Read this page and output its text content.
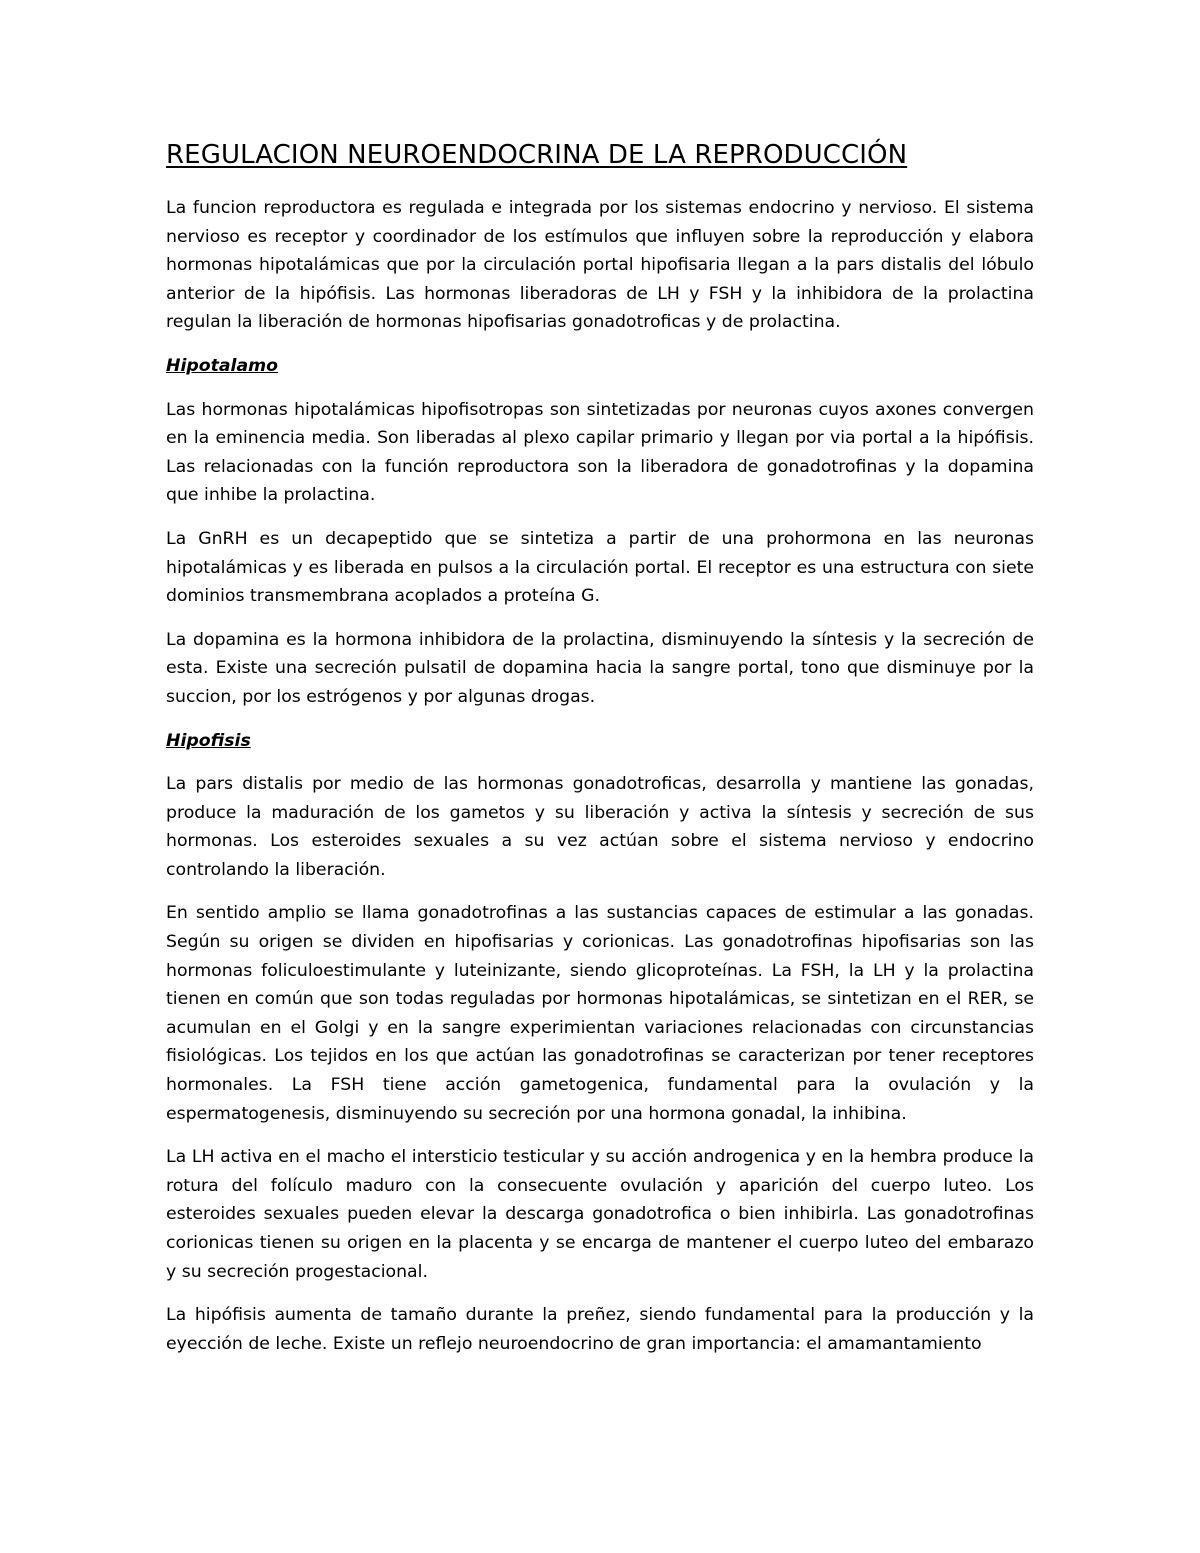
REGULACION NEUROENDOCRINA DE LA REPRODUCCIÓN

La funcion reproductora es regulada e integrada por los sistemas endocrino y nervioso. El sistema nervioso es receptor y coordinador de los estímulos que influyen sobre la reproducción y elabora hormonas hipotalámicas que por la circulación portal hipofisaria llegan a la pars distalis del lóbulo anterior de la hipófisis. Las hormonas liberadoras de LH y FSH y la inhibidora de la prolactina regulan la liberación de hormonas hipofisarias gonadotroficas y de prolactina.

Hipotalamo

Las hormonas hipotalámicas hipofisotropas son sintetizadas por neuronas cuyos axones convergen en la eminencia media. Son liberadas al plexo capilar primario y llegan por via portal a la hipófisis. Las relacionadas con la función reproductora son la liberadora de gonadotrofinas y la dopamina que inhibe la prolactina.

La GnRH es un decapeptido que se sintetiza a partir de una prohormona en las neuronas hipotalámicas y es liberada en pulsos a la circulación portal. El receptor es una estructura con siete dominios transmembrana acoplados a proteína G.

La dopamina es la hormona inhibidora de la prolactina, disminuyendo la síntesis y la secreción de esta. Existe una secreción pulsatil de dopamina hacia la sangre portal, tono que disminuye por la succion, por los estrógenos y por algunas drogas.

Hipofisis

La pars distalis por medio de las hormonas gonadotroficas, desarrolla y mantiene las gonadas, produce la maduración de los gametos y su liberación y activa la síntesis y secreción de sus hormonas. Los esteroides sexuales a su vez actúan sobre el sistema nervioso y endocrino controlando la liberación.

En sentido amplio se llama gonadotrofinas a las sustancias capaces de estimular a las gonadas. Según su origen se dividen en hipofisarias y corionicas. Las gonadotrofinas hipofisarias son las hormonas foliculoestimulante y luteinizante, siendo glicoproteínas. La FSH, la LH y la prolactina tienen en común que son todas reguladas por hormonas hipotalámicas, se sintetizan en el RER, se acumulan en el Golgi y en la sangre experimientan variaciones relacionadas con circunstancias fisiológicas. Los tejidos en los que actúan las gonadotrofinas se caracterizan por tener receptores hormonales. La FSH tiene acción gametogenica, fundamental para la ovulación y la espermatogenesis, disminuyendo su secreción por una hormona gonadal, la inhibina.

La LH activa en el macho el intersticio testicular y su acción androgenica y en la hembra produce la rotura del folículo maduro con la consecuente ovulación y aparición del cuerpo luteo. Los esteroides sexuales pueden elevar la descarga gonadotrofica o bien inhibirla. Las gonadotrofinas corionicas tienen su origen en la placenta y se encarga de mantener el cuerpo luteo del embarazo y su secreción progestacional.

La hipófisis aumenta de tamaño durante la preñez, siendo fundamental para la producción y la eyección de leche. Existe un reflejo neuroendocrino de gran importancia: el amamantamiento
